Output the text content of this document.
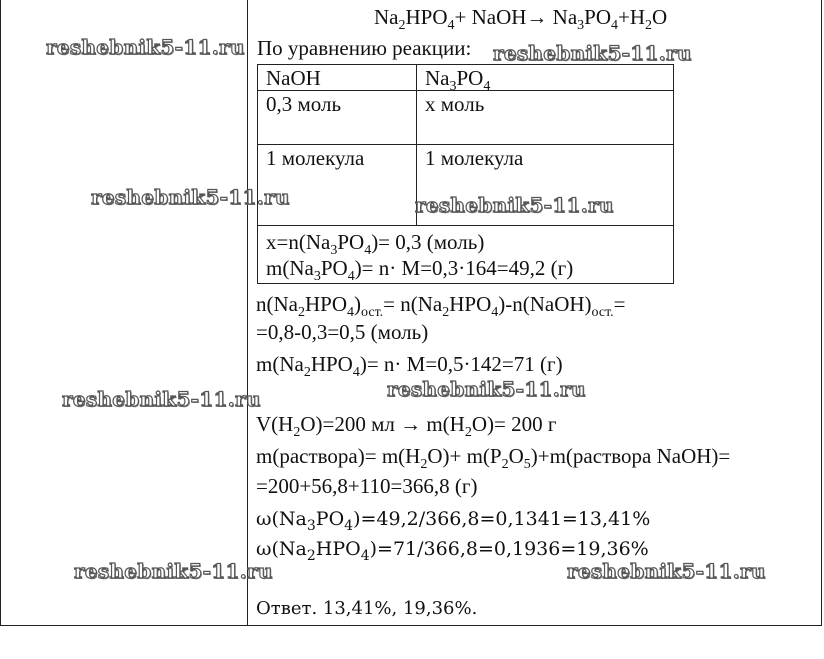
$Na_2HPO_4+$ NaOH→ $Na_3PO_4+H_2O$
По уравнению реакции:
NaOH	$Na_3PO_4$
0,3 моль	х моль
1 молекула	1 молекула

$х=n(Na_3PO_4)= 0,3$ (моль)
$m(Na_3PO_4)= n\cdot M=0,3\cdot 164=49,2$ (г)	
$n(Na_2HPO_4)_{ост.}=$ $n(Na_2HPO_4)-n(NaOH)_{ост.}=$
=0,8-0,3=0,5 (моль)
$m(Na_2HPO_4)= n\cdot M=0,5\cdot 142=71$ (г)
$V(H_2O)=200$ мл → $m(H_2O)= 200$ г
m(раствора)= $m(H_2O)+$ $m(P_2O_5)+m(раствора$ NaOH)=
=200+56,8+110=366,8 (г)
$\omega(Na_3PO_4)=49,2/366,8=0,1341=13,41\%$
$\omega(Na_2HPO_4)=71/366,8=0,1936=19,36\%$
Ответ. 13,41%, 19,36%.
reshebnik5-11.ru	reshebnik5-11.ru
reshebnik5-11.ru	reshebnik5-11.ru
reshebnik5-11.ru
reshebnik5-11.ru
reshebnik5-11.ru	reshebnik5-11.ru
